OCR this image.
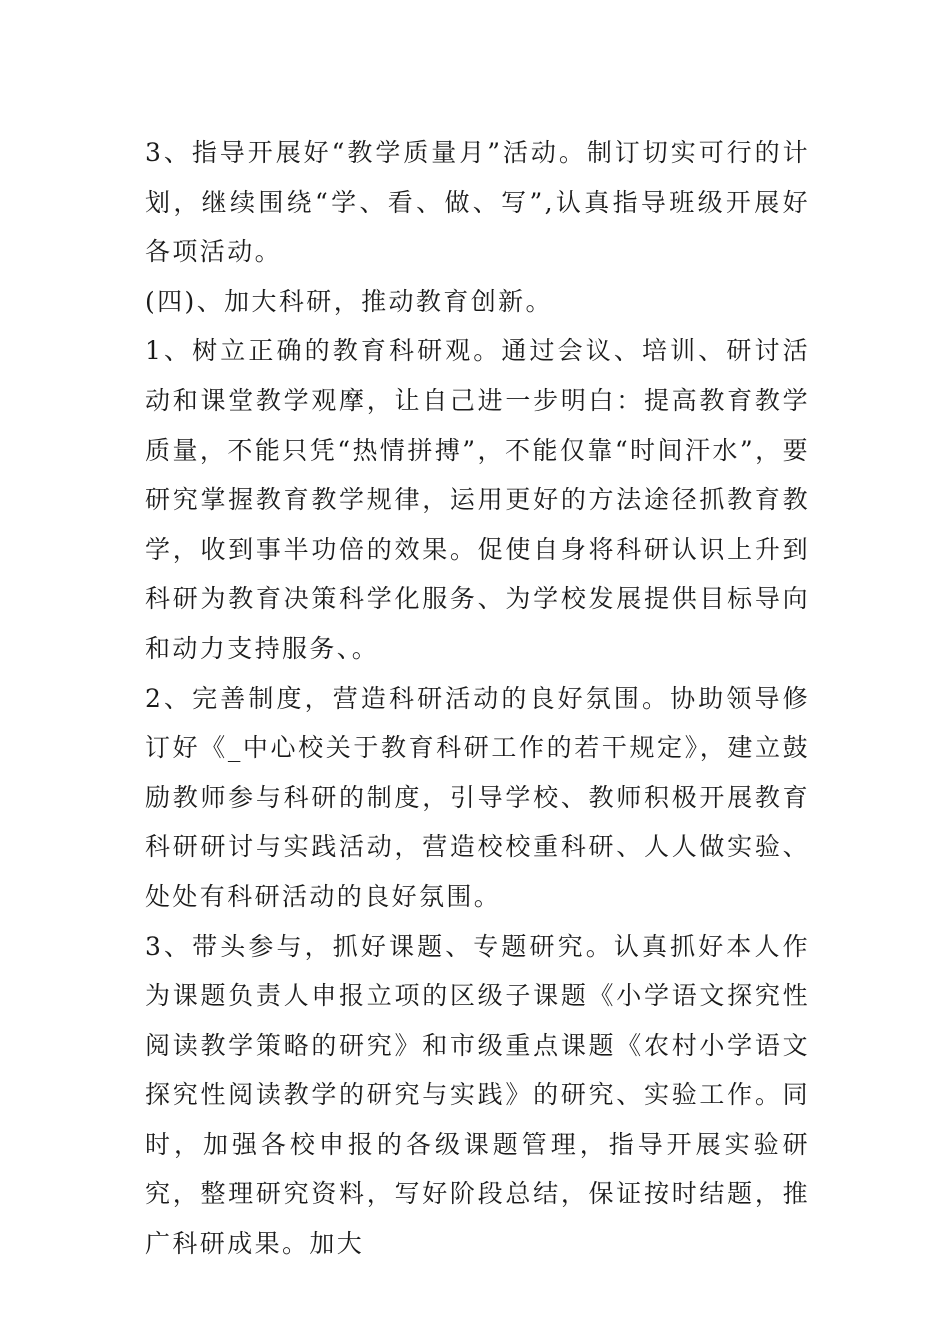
3、指导开展好“教学质量月”活动。制订切实可行的计划，继续围绕“学、看、做、写”,认真指导班级开展好各项活动。

(四)、加大科研，推动教育创新。

1、树立正确的教育科研观。通过会议、培训、研讨活动和课堂教学观摩，让自己进一步明白：提高教育教学质量，不能只凭“热情拼搏”，不能仅靠“时间汗水”，要研究掌握教育教学规律，运用更好的方法途径抓教育教学，收到事半功倍的效果。促使自身将科研认识上升到科研为教育决策科学化服务、为学校发展提供目标导向和动力支持服务、。

2、完善制度，营造科研活动的良好氛围。协助领导修订好《_中心校关于教育科研工作的若干规定》，建立鼓励教师参与科研的制度，引导学校、教师积极开展教育科研研讨与实践活动，营造校校重科研、人人做实验、处处有科研活动的良好氛围。

3、带头参与，抓好课题、专题研究。认真抓好本人作为课题负责人申报立项的区级子课题《小学语文探究性阅读教学策略的研究》和市级重点课题《农村小学语文探究性阅读教学的研究与实践》的研究、实验工作。同时，加强各校申报的各级课题管理，指导开展实验研究，整理研究资料，写好阶段总结，保证按时结题，推广科研成果。加大
